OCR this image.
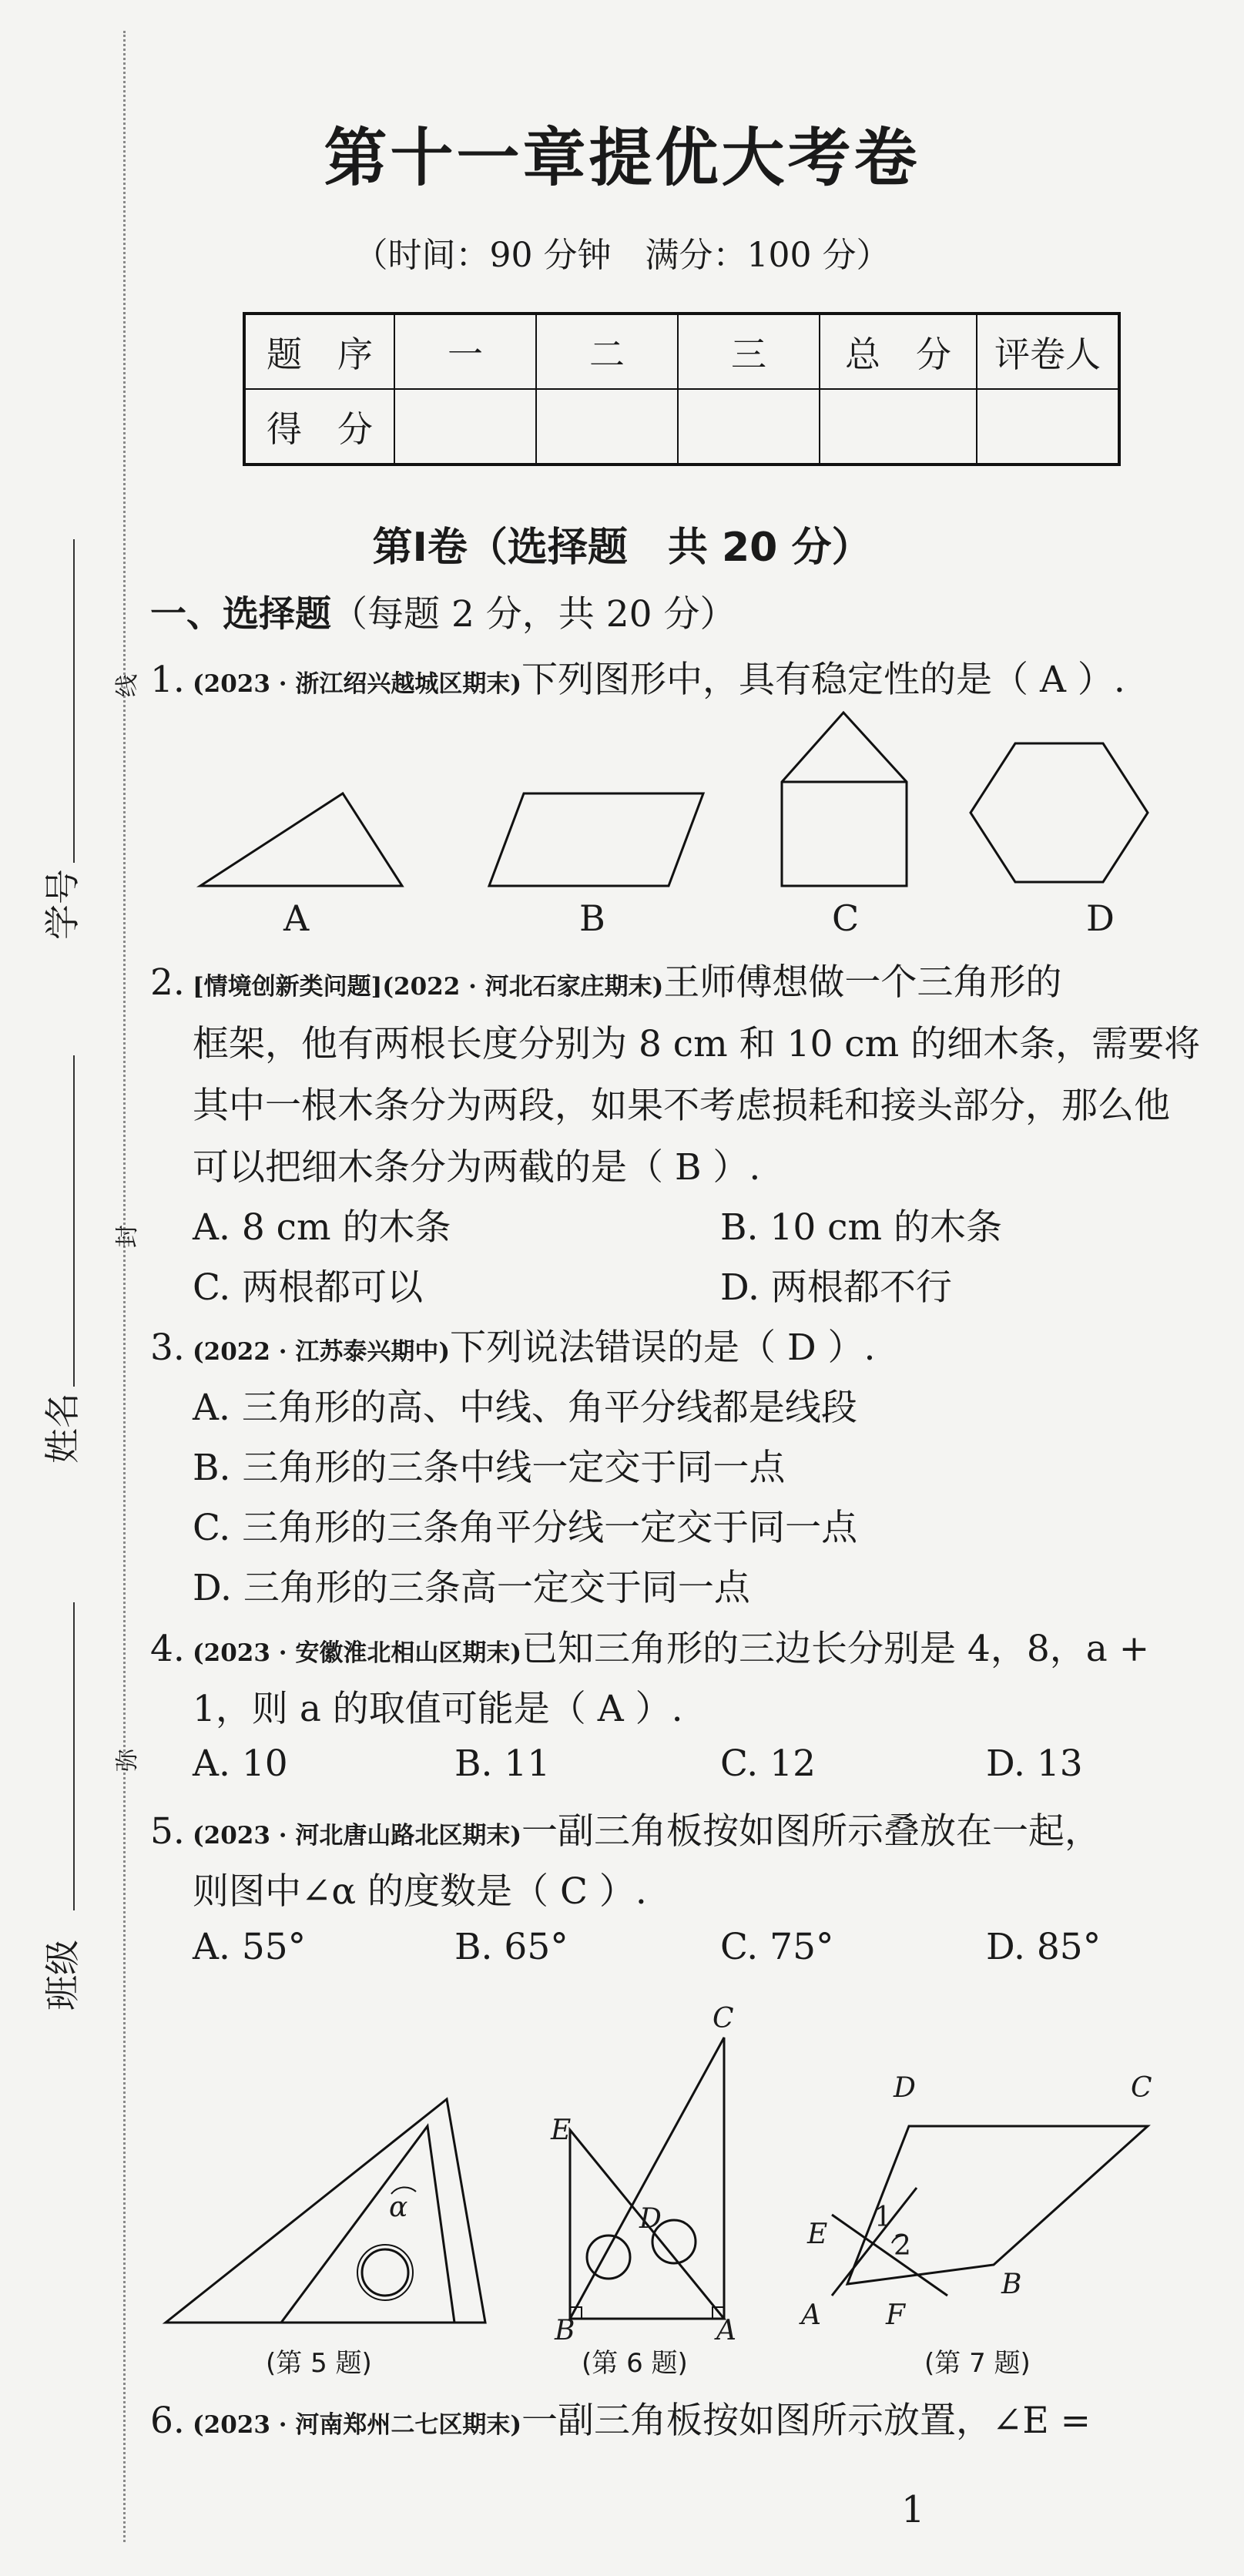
学号
线
封
姓名
弥
班级
第十一章提优大考卷
（时间：90 分钟　满分：100 分）
题　序	一	二	三	总　分	评卷人
得　分					
第Ⅰ卷（选择题　共 20 分）
一、选择题（每题 2 分，共 20 分）
1. (2023 · 浙江绍兴越城区期末)下列图形中，具有稳定性的是（ A ）.
A	B	C	D
2. [情境创新类问题](2022 · 河北石家庄期末)王师傅想做一个三角形的
框架，他有两根长度分别为 8 cm 和 10 cm 的细木条，需要将
其中一根木条分为两段，如果不考虑损耗和接头部分，那么他
可以把细木条分为两截的是（ B ）.
A. 8 cm 的木条	B. 10 cm 的木条
C. 两根都可以	D. 两根都不行
3. (2022 · 江苏泰兴期中)下列说法错误的是（ D ）.
A. 三角形的高、中线、角平分线都是线段
B. 三角形的三条中线一定交于同一点
C. 三角形的三条角平分线一定交于同一点
D. 三角形的三条高一定交于同一点
4. (2023 · 安徽淮北相山区期末)已知三角形的三边长分别是 4，8，a +
1，则 a 的取值可能是（ A ）.
A. 10	B. 11	C. 12	D. 13
5. (2023 · 河北唐山路北区期末)一副三角板按如图所示叠放在一起，
则图中∠α 的度数是（ C ）.
A. 55°	B. 65°	C. 75°	D. 85°
α
(第 5 题)
C
E
D
B	A
(第 6 题)
D	C
E
1
2
B
A F
(第 7 题)
6. (2023 · 河南郑州二七区期末)一副三角板按如图所示放置，∠E =
1
